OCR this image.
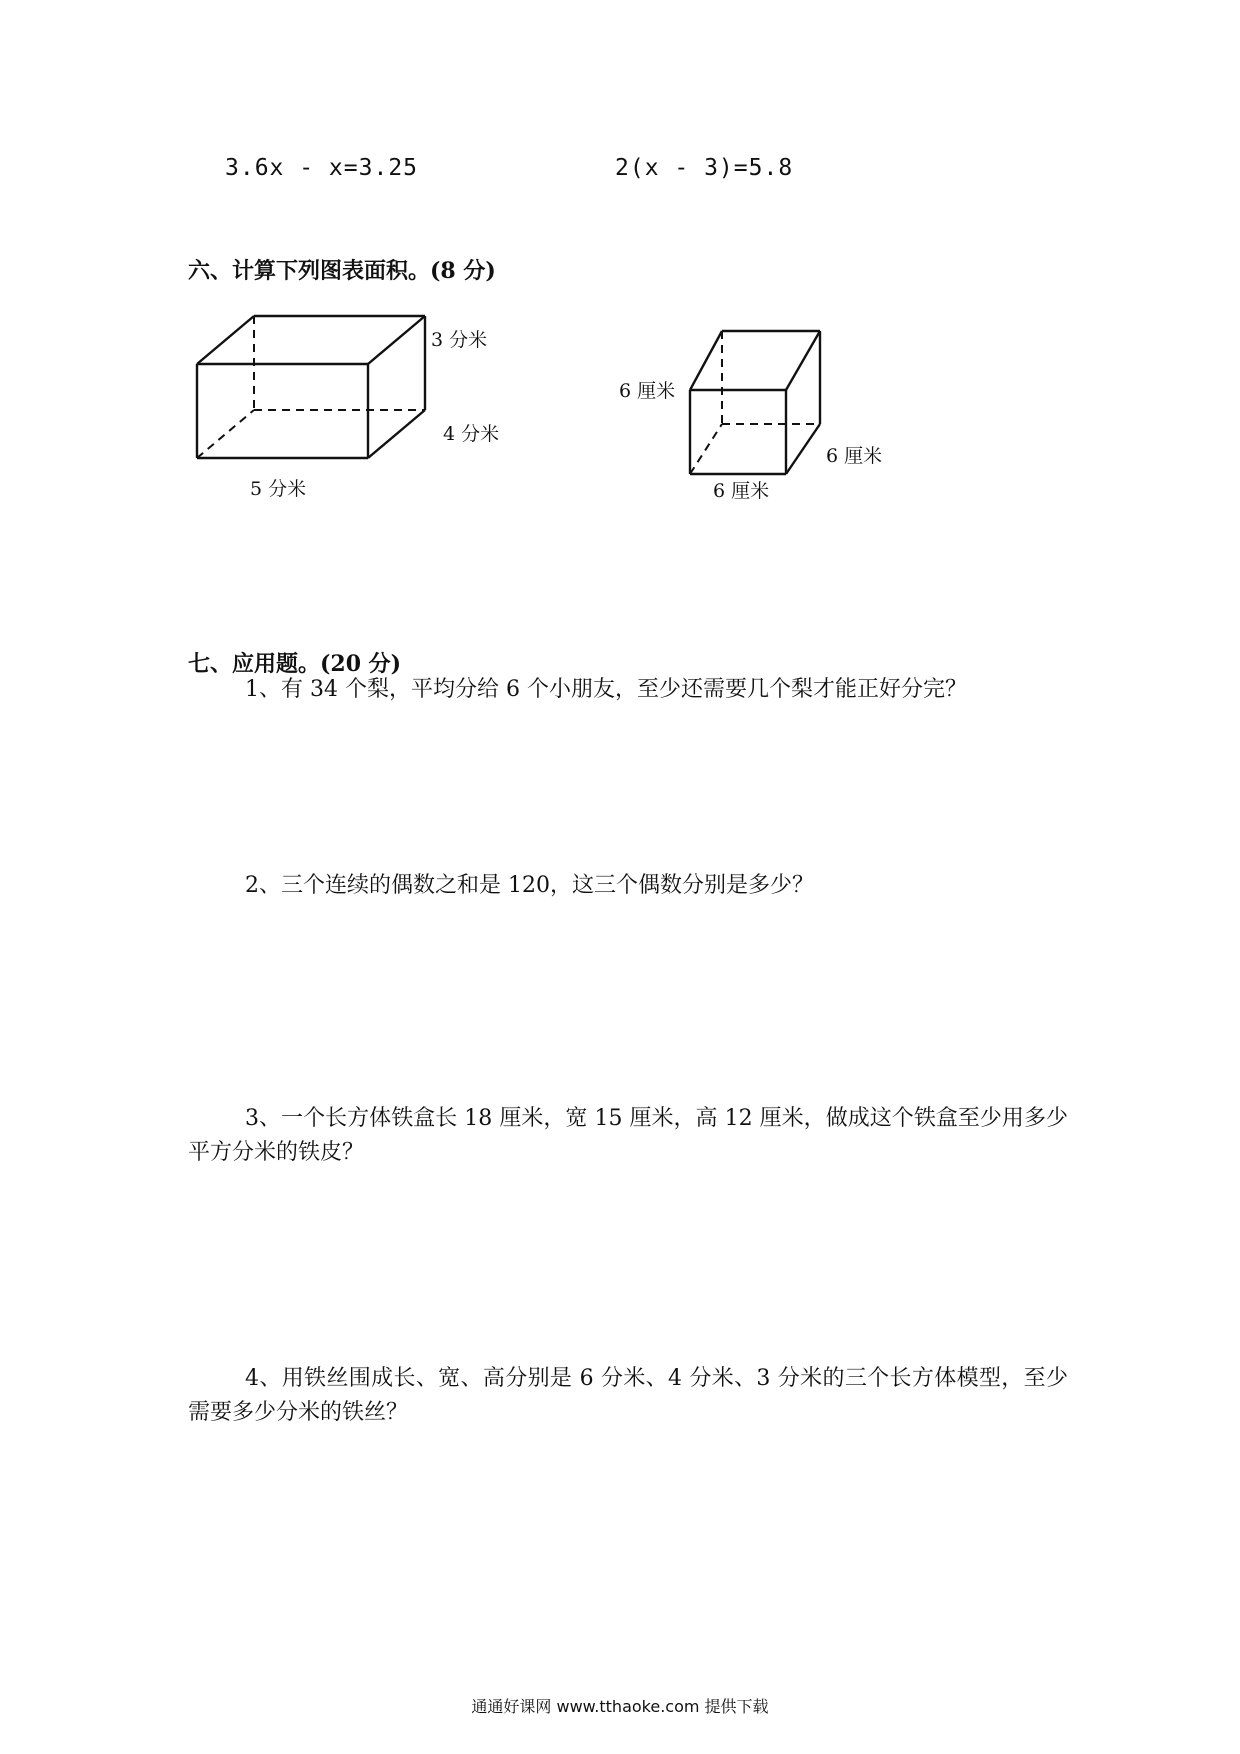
3.6x - x=3.25	2(x - 3)=5.8
六、计算下列图表面积。(8 分)
3 分米
4 分米
5 分米
6 厘米
6 厘米
6 厘米
七、应用题。(20 分)
1、有 34 个梨，平均分给 6 个小朋友，至少还需要几个梨才能正好分完？
2、三个连续的偶数之和是 120，这三个偶数分别是多少？
3、一个长方体铁盒长 18 厘米，宽 15 厘米，高 12 厘米，做成这个铁盒至少用多少平方分米的铁皮？
4、用铁丝围成长、宽、高分别是 6 分米、4 分米、3 分米的三个长方体模型，至少需要多少分米的铁丝？
通通好课网 www.tthaoke.com 提供下载
